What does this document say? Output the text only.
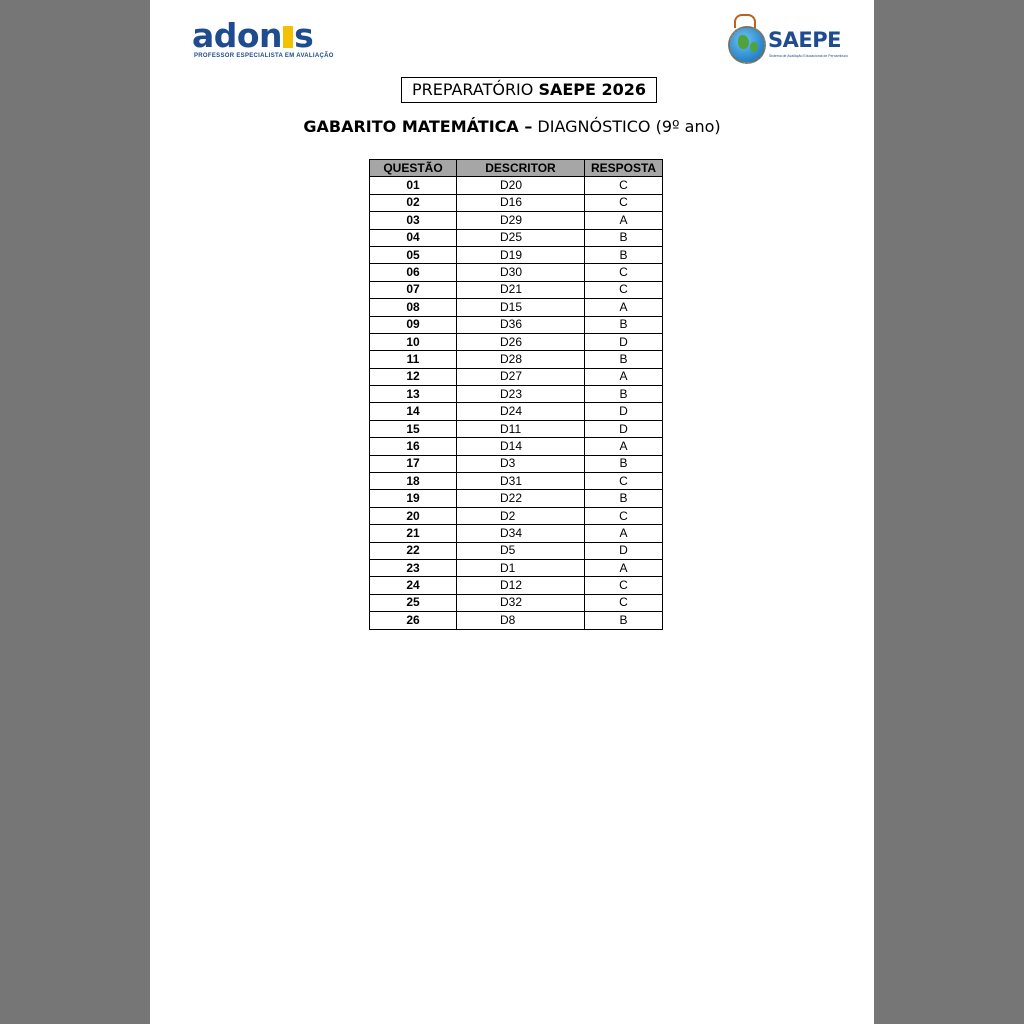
adon s
PROFESSOR ESPECIALISTA EM AVALIAÇÃO
SAEPE
Sistema de Avaliação Educacional de Pernambuco
PREPARATÓRIO SAEPE 2026
GABARITO MATEMÁTICA – DIAGNÓSTICO (9º ano)
QUESTÃO	DESCRITOR	RESPOSTA
01	D20	C
02	D16	C
03	D29	A
04	D25	B
05	D19	B
06	D30	C
07	D21	C
08	D15	A
09	D36	B
10	D26	D
11	D28	B
12	D27	A
13	D23	B
14	D24	D
15	D11	D
16	D14	A
17	D3	B
18	D31	C
19	D22	B
20	D2	C
21	D34	A
22	D5	D
23	D1	A
24	D12	C
25	D32	C
26	D8	B
